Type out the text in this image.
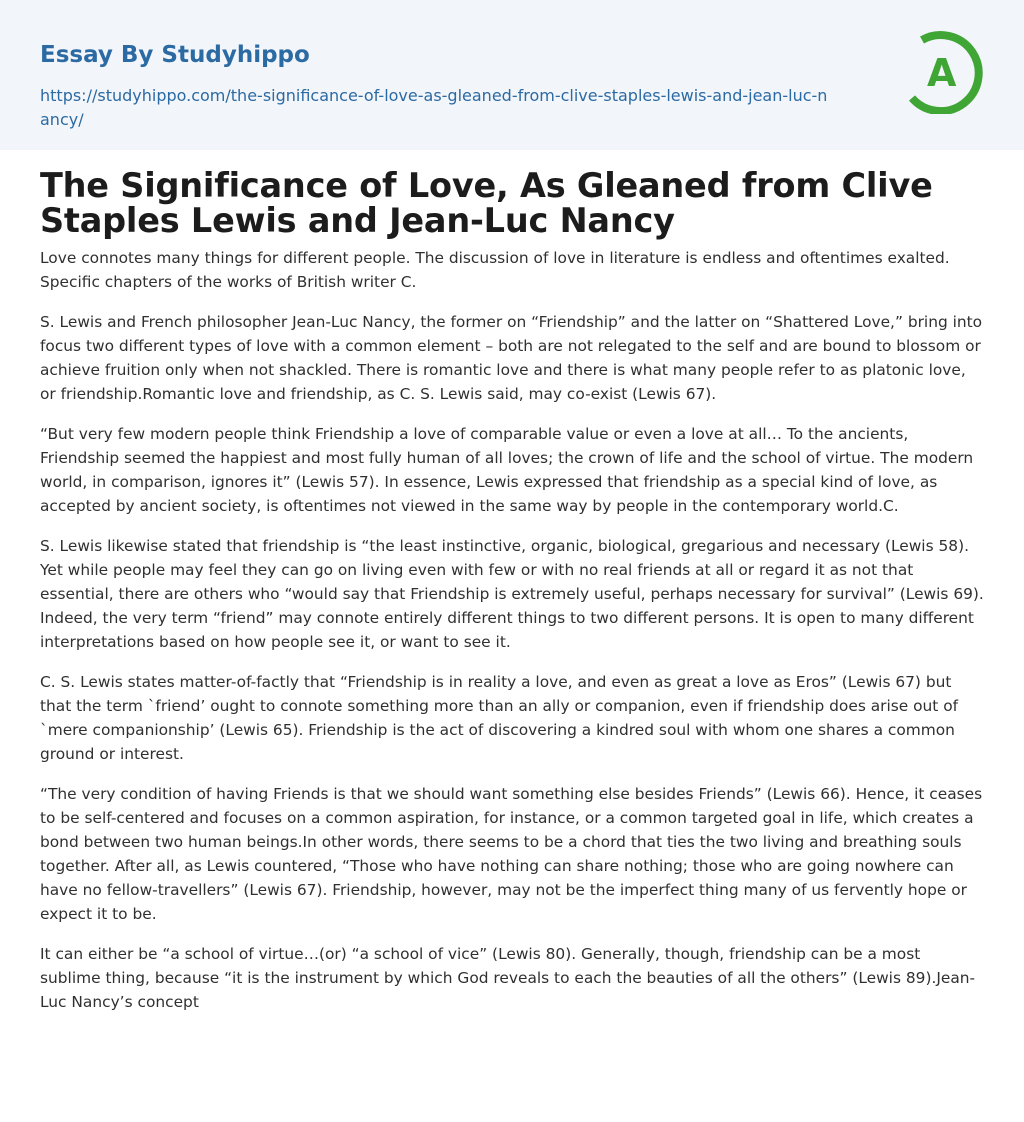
Essay By Studyhippo
https://studyhippo.com/the-significance-of-love-as-gleaned-from-clive-staples-lewis-and-jean-luc-nancy/
A
The Significance of Love, As Gleaned from Clive Staples Lewis and Jean-Luc Nancy

Love connotes many things for different people. The discussion of love in literature is endless and oftentimes exalted. Specific chapters of the works of British writer C.

S. Lewis and French philosopher Jean-Luc Nancy, the former on “Friendship” and the latter on “Shattered Love,” bring into focus two different types of love with a common element – both are not relegated to the self and are bound to blossom or achieve fruition only when not shackled. There is romantic love and there is what many people refer to as platonic love, or friendship.Romantic love and friendship, as C. S. Lewis said, may co-exist (Lewis 67).

“But very few modern people think Friendship a love of comparable value or even a love at all… To the ancients, Friendship seemed the happiest and most fully human of all loves; the crown of life and the school of virtue. The modern world, in comparison, ignores it” (Lewis 57). In essence, Lewis expressed that friendship as a special kind of love, as accepted by ancient society, is oftentimes not viewed in the same way by people in the contemporary world.C.

S. Lewis likewise stated that friendship is “the least instinctive, organic, biological, gregarious and necessary (Lewis 58). Yet while people may feel they can go on living even with few or with no real friends at all or regard it as not that essential, there are others who “would say that Friendship is extremely useful, perhaps necessary for survival” (Lewis 69). Indeed, the very term “friend” may connote entirely different things to two different persons. It is open to many different interpretations based on how people see it, or want to see it.

C. S. Lewis states matter-of-factly that “Friendship is in reality a love, and even as great a love as Eros” (Lewis 67) but that the term `friend’ ought to connote something more than an ally or companion, even if friendship does arise out of `mere companionship’ (Lewis 65). Friendship is the act of discovering a kindred soul with whom one shares a common ground or interest.

“The very condition of having Friends is that we should want something else besides Friends” (Lewis 66). Hence, it ceases to be self-centered and focuses on a common aspiration, for instance, or a common targeted goal in life, which creates a bond between two human beings.In other words, there seems to be a chord that ties the two living and breathing souls together. After all, as Lewis countered, “Those who have nothing can share nothing; those who are going nowhere can have no fellow-travellers” (Lewis 67). Friendship, however, may not be the imperfect thing many of us fervently hope or expect it to be.

It can either be “a school of virtue…(or) “a school of vice” (Lewis 80). Generally, though, friendship can be a most sublime thing, because “it is the instrument by which God reveals to each the beauties of all the others” (Lewis 89).Jean-Luc Nancy’s concept
